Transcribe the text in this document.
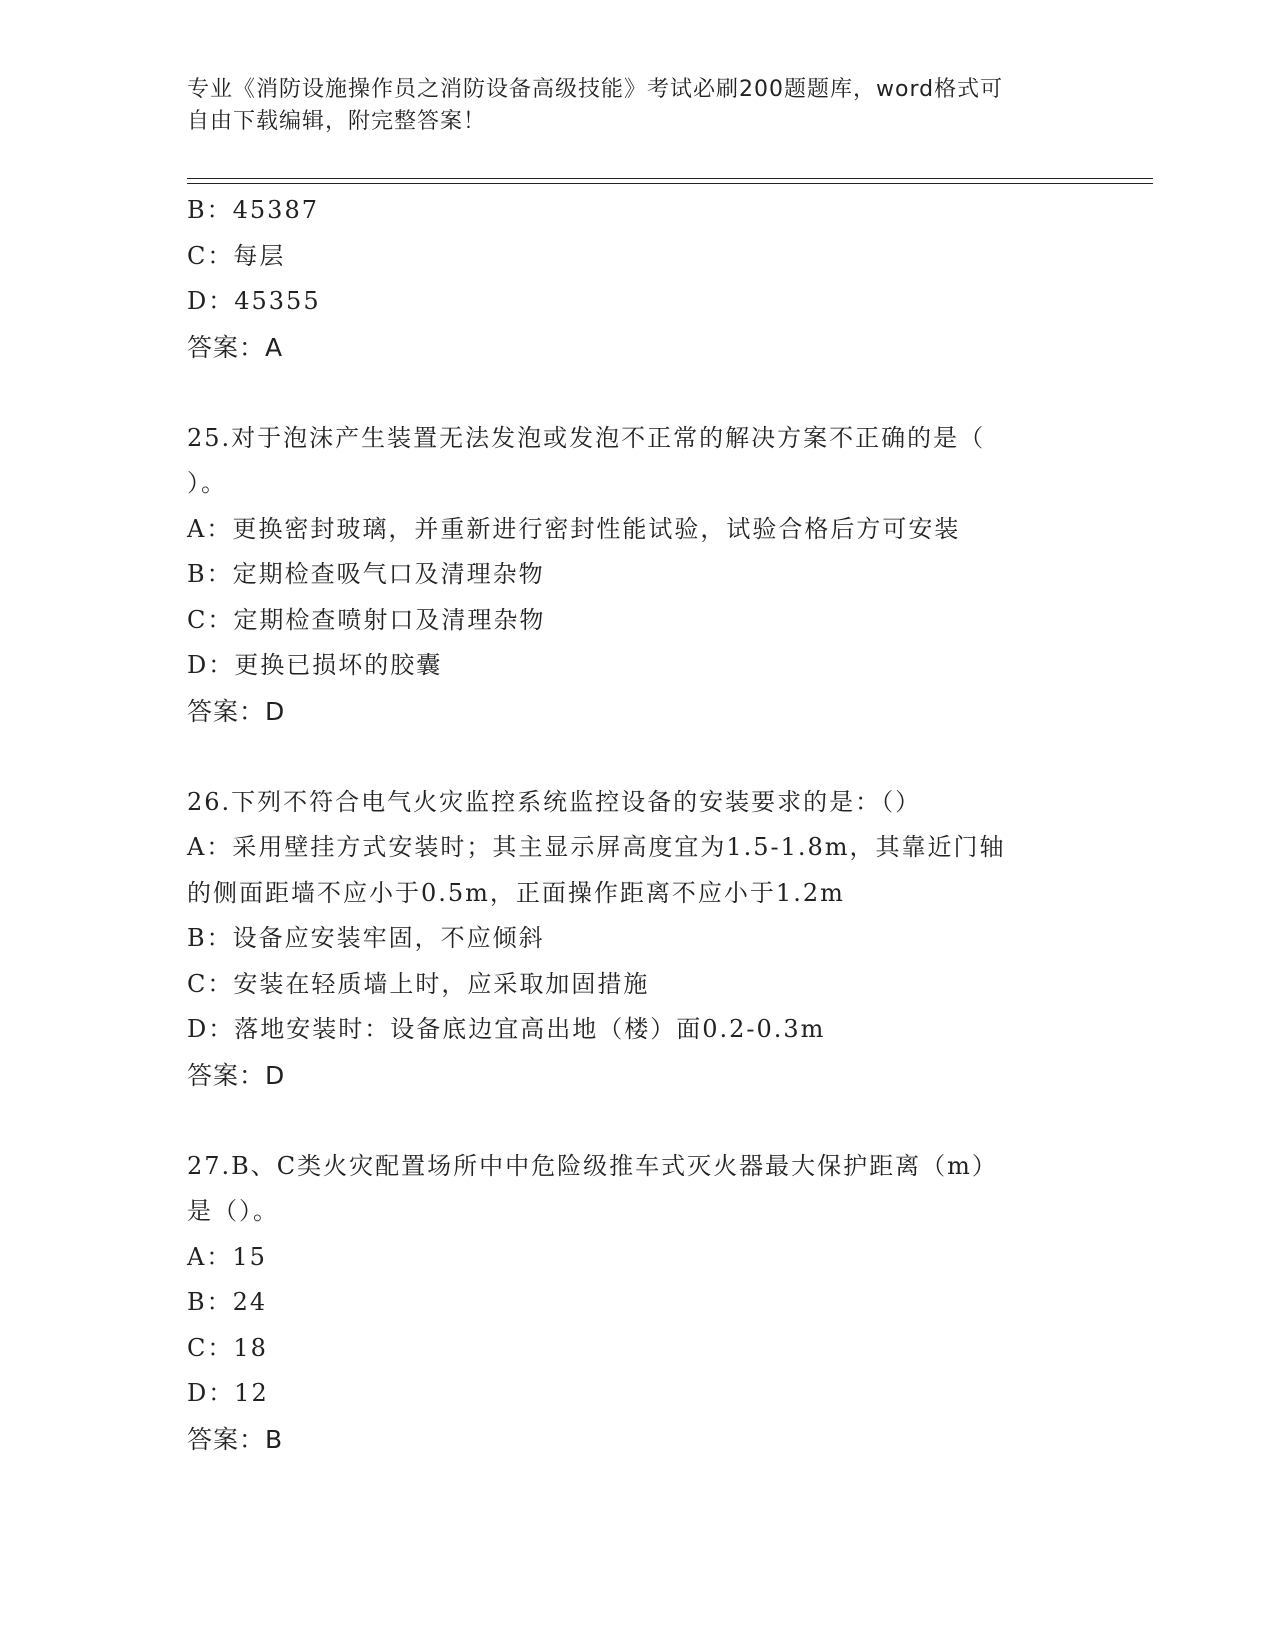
专业《消防设施操作员之消防设备高级技能》考试必刷200题题库，word格式可
自由下载编辑，附完整答案！
B：45387
C：每层
D：45355
答案：A
25.对于泡沫产生装置无法发泡或发泡不正常的解决方案不正确的是（
）。
A：更换密封玻璃，并重新进行密封性能试验，试验合格后方可安装
B：定期检查吸气口及清理杂物
C：定期检查喷射口及清理杂物
D：更换已损坏的胶囊
答案：D
26.下列不符合电气火灾监控系统监控设备的安装要求的是：（）
A：采用壁挂方式安装时；其主显示屏高度宜为1.5-1.8m，其靠近门轴
的侧面距墙不应小于0.5m，正面操作距离不应小于1.2m
B：设备应安装牢固，不应倾斜
C：安装在轻质墙上时，应采取加固措施
D：落地安装时：设备底边宜高出地（楼）面0.2-0.3m
答案：D
27.B、C类火灾配置场所中中危险级推车式灭火器最大保护距离（m）
是（）。
A：15
B：24
C：18
D：12
答案：B
